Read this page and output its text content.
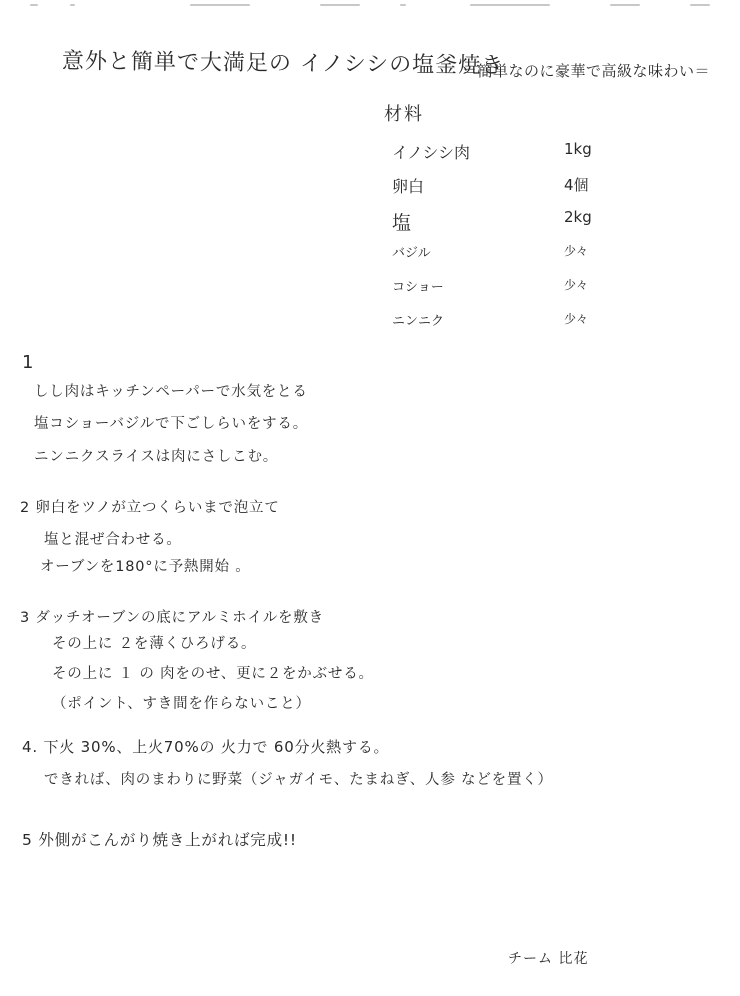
意外と簡単で大満足の イノシシの塩釜焼き
＝簡単なのに豪華で高級な味わい＝
材料
イノシシ肉	1kg
卵白	4個
塩	2kg
バジル	少々
コショー	少々
ニンニク	少々
1
しし肉はキッチンペーパーで水気をとる
塩コショーバジルで下ごしらいをする。
ニンニクスライスは肉にさしこむ。
2 卵白をツノが立つくらいまで泡立て
塩と混ぜ合わせる。
オーブンを180°に予熱開始 。
3 ダッチオーブンの底にアルミホイルを敷き
その上に ２を薄くひろげる。
その上に １ の 肉をのせ、更に２をかぶせる。
（ポイント、すき間を作らないこと）
4. 下火 30%、上火70%の 火力で 60分火熱する。
できれば、肉のまわりに野菜（ジャガイモ、たまねぎ、人参 などを置く）
5 外側がこんがり焼き上がれば完成!!
チーム 比花
